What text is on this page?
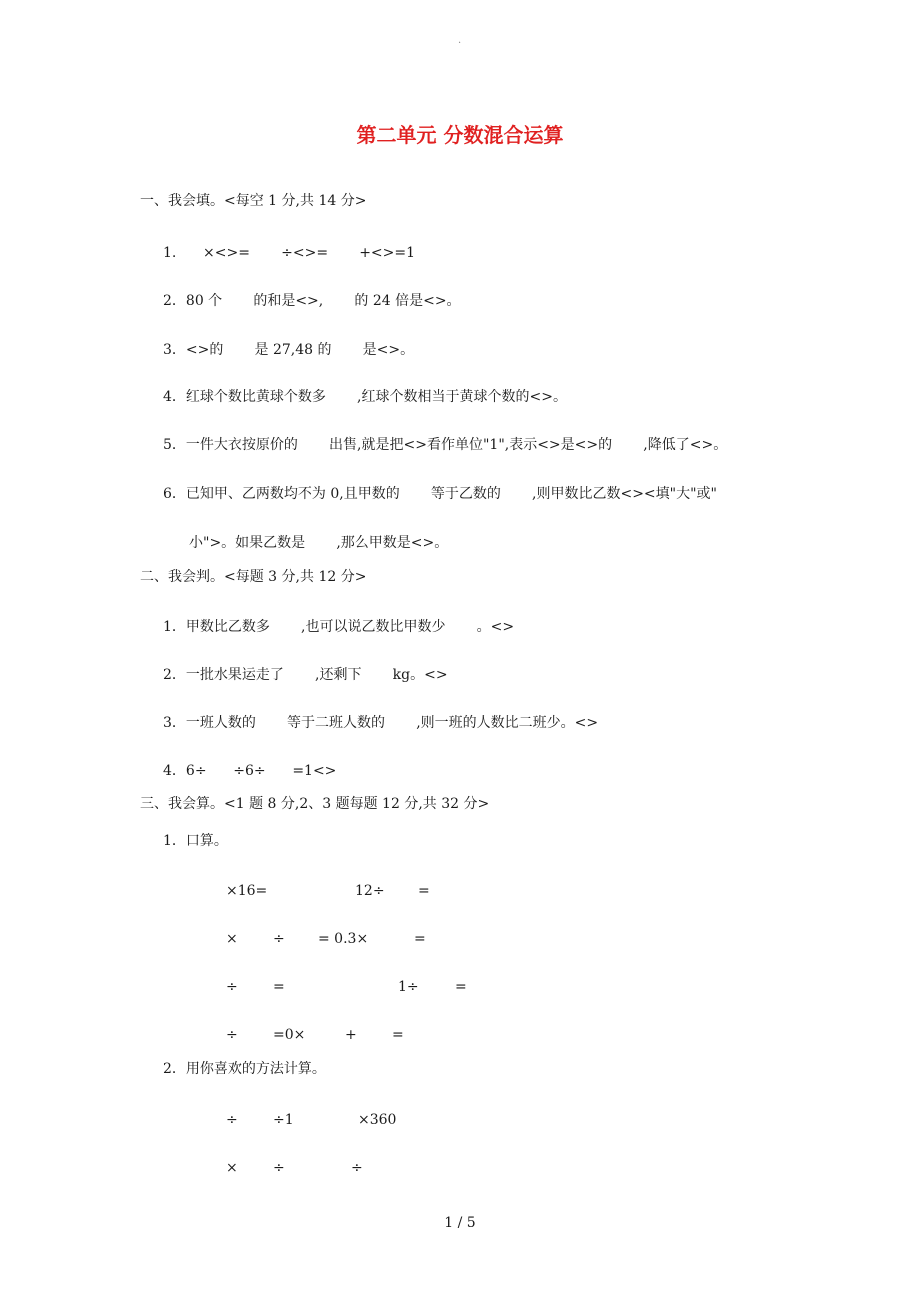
.
第二单元 分数混合运算
一、我会填。<每空 1 分,共 14 分>
1.      ×<>=       ÷<>=       +<>=1
2．80 个       的和是<>,       的 24 倍是<>。
3．<>的       是 27,48 的       是<>。
4．红球个数比黄球个数多       ,红球个数相当于黄球个数的<>。
5．一件大衣按原价的       出售,就是把<>看作单位"1",表示<>是<>的       ,降低了<>。
6．已知甲、乙两数均不为 0,且甲数的       等于乙数的       ,则甲数比乙数<><填"大"或"
小">。如果乙数是       ,那么甲数是<>。
二、我会判。<每题 3 分,共 12 分>
1．甲数比乙数多       ,也可以说乙数比甲数少       。<>
2．一批水果运走了       ,还剩下       kg。<>
3．一班人数的       等于二班人数的       ,则一班的人数比二班少。<>
4．6÷      ÷6÷      =1<>
三、我会算。<1 题 8 分,2、3 题每题 12 分,共 32 分>
1．口算。
×16=	12÷ =
×	÷ = 0.3×	=
÷	=	1÷	=
÷	=0×	+	=
2．用你喜欢的方法计算。
÷	÷1	×360
×	÷	÷
1 / 5
